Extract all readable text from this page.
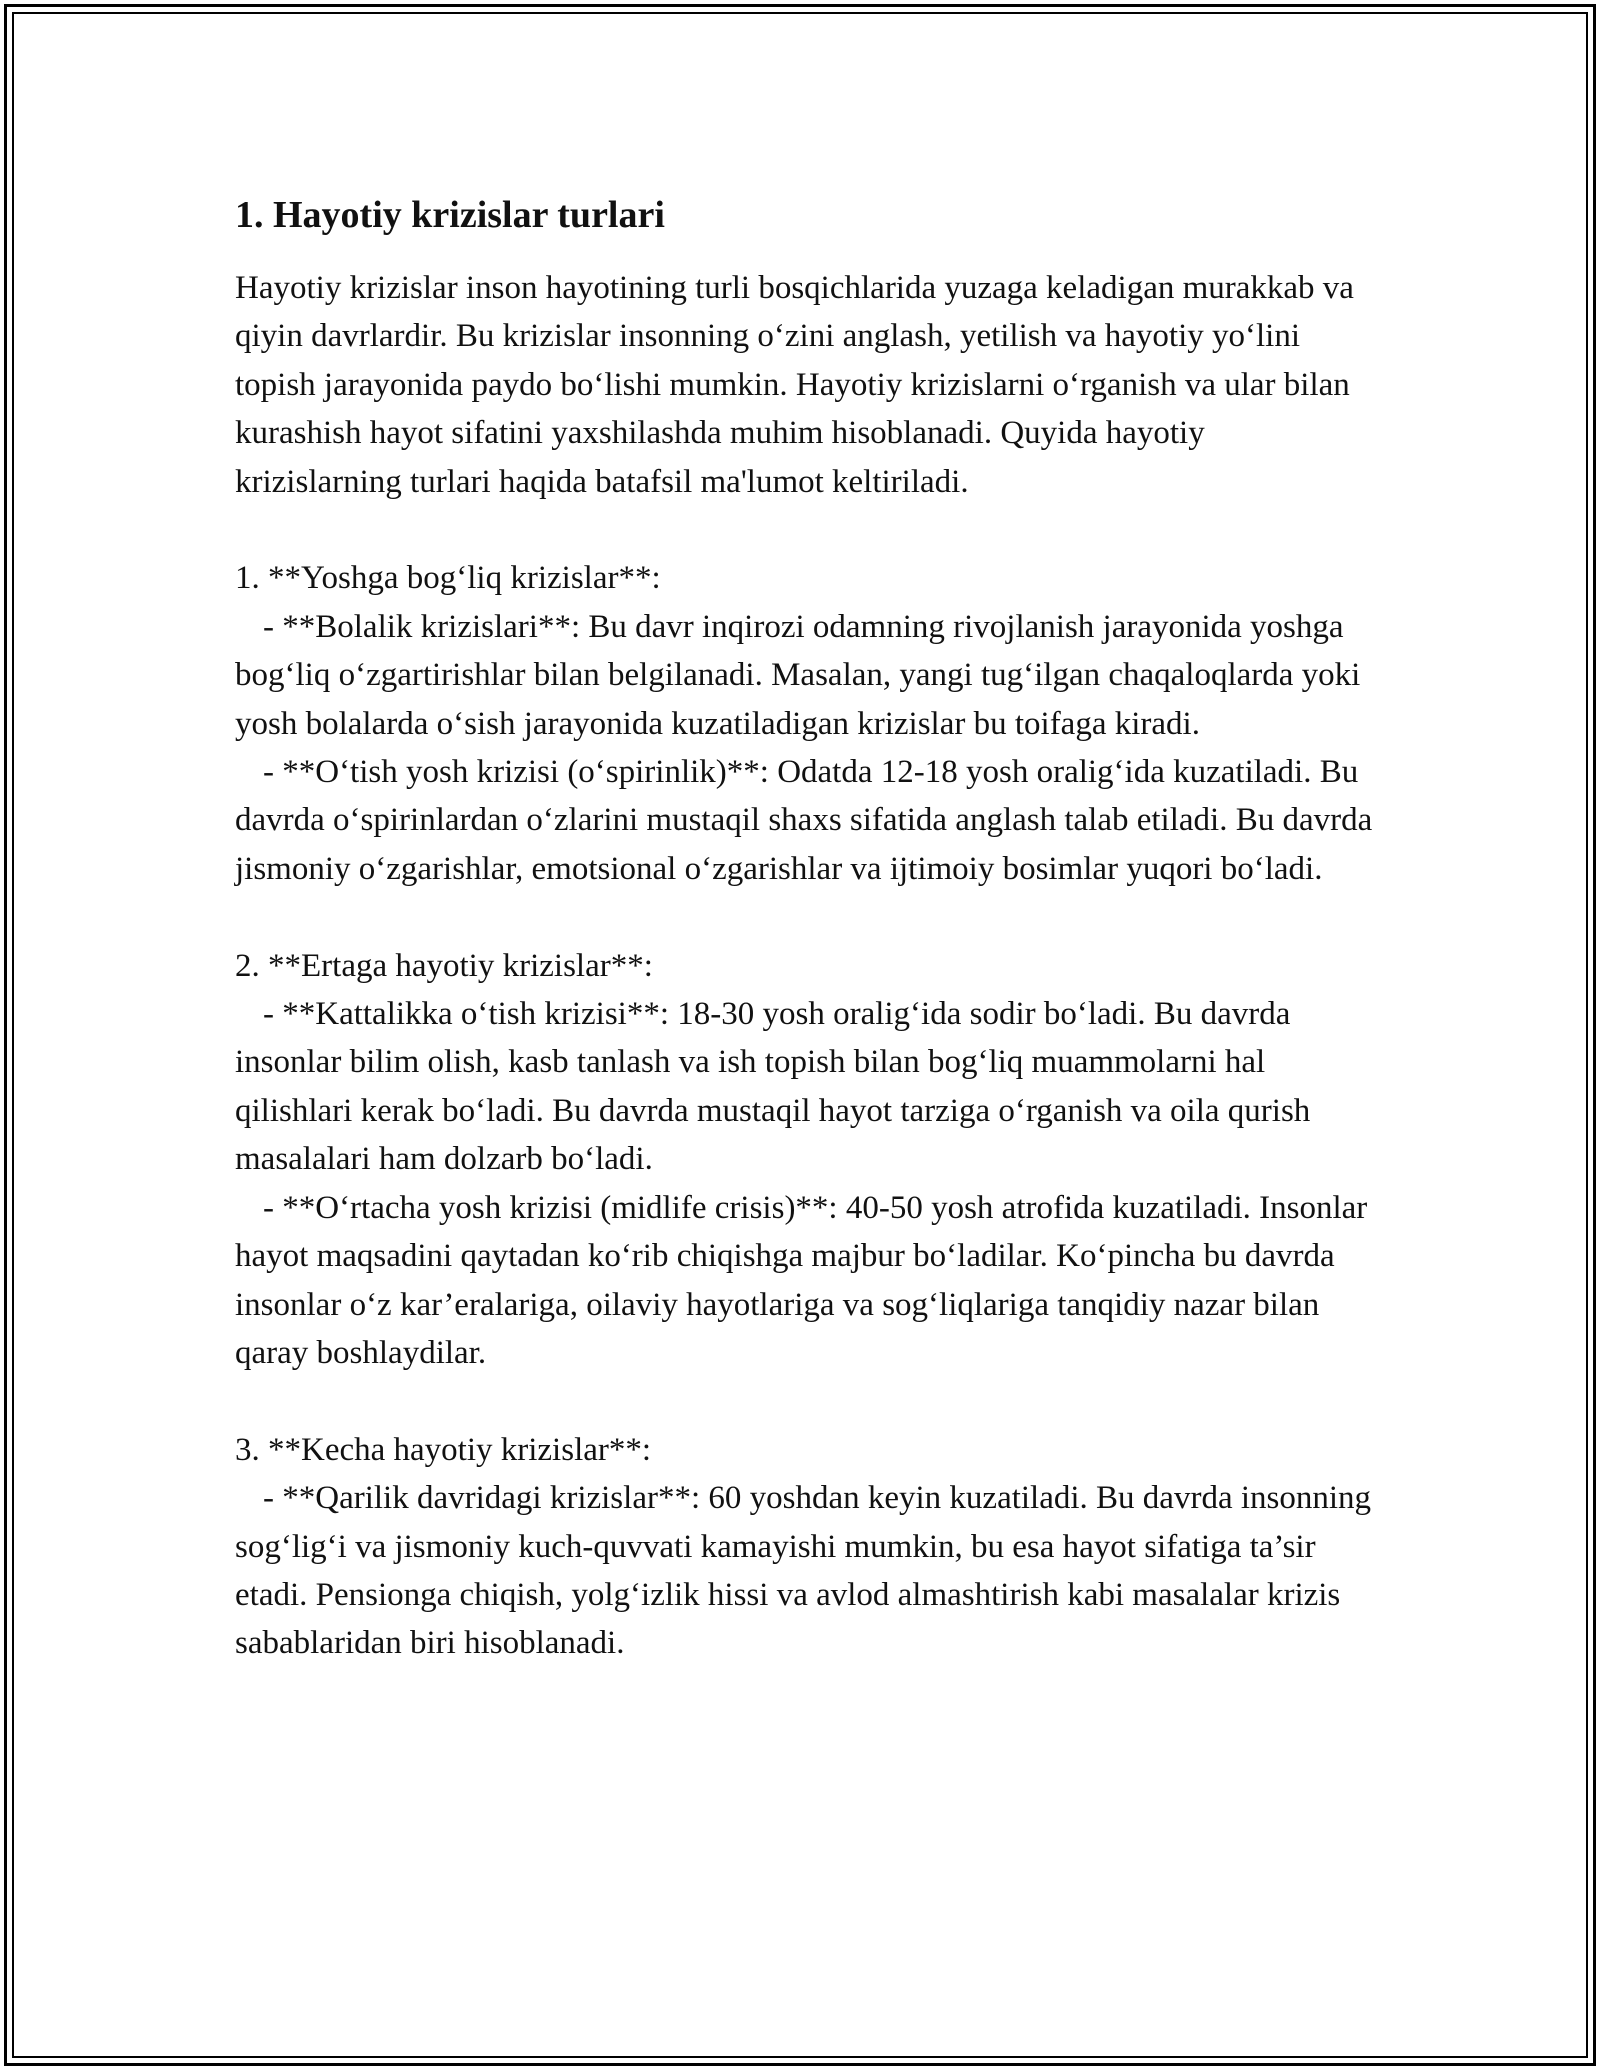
1. Hayotiy krizislar turlari

Hayotiy krizislar inson hayotining turli bosqichlarida yuzaga keladigan murakkab va qiyin davrlardir. Bu krizislar insonning o‘zini anglash, yetilish va hayotiy yo‘lini topish jarayonida paydo bo‘lishi mumkin. Hayotiy krizislarni o‘rganish va ular bilan kurashish hayot sifatini yaxshilashda muhim hisoblanadi. Quyida hayotiy krizislarning turlari haqida batafsil ma'lumot keltiriladi.

1. **Yoshga bog‘liq krizislar**:

- **Bolalik krizislari**: Bu davr inqirozi odamning rivojlanish jarayonida yoshga bog‘liq o‘zgartirishlar bilan belgilanadi. Masalan, yangi tug‘ilgan chaqaloqlarda yoki yosh bolalarda o‘sish jarayonida kuzatiladigan krizislar bu toifaga kiradi.

- **O‘tish yosh krizisi (o‘spirinlik)**: Odatda 12-18 yosh oralig‘ida kuzatiladi. Bu davrda o‘spirinlardan o‘zlarini mustaqil shaxs sifatida anglash talab etiladi. Bu davrda jismoniy o‘zgarishlar, emotsional o‘zgarishlar va ijtimoiy bosimlar yuqori bo‘ladi.

2. **Ertaga hayotiy krizislar**:

- **Kattalikka o‘tish krizisi**: 18-30 yosh oralig‘ida sodir bo‘ladi. Bu davrda insonlar bilim olish, kasb tanlash va ish topish bilan bog‘liq muammolarni hal qilishlari kerak bo‘ladi. Bu davrda mustaqil hayot tarziga o‘rganish va oila qurish masalalari ham dolzarb bo‘ladi.

- **O‘rtacha yosh krizisi (midlife crisis)**: 40-50 yosh atrofida kuzatiladi. Insonlar hayot maqsadini qaytadan ko‘rib chiqishga majbur bo‘ladilar. Ko‘pincha bu davrda insonlar o‘z kar’eralariga, oilaviy hayotlariga va sog‘liqlariga tanqidiy nazar bilan qaray boshlaydilar.

3. **Kecha hayotiy krizislar**:

- **Qarilik davridagi krizislar**: 60 yoshdan keyin kuzatiladi. Bu davrda insonning sog‘lig‘i va jismoniy kuch-quvvati kamayishi mumkin, bu esa hayot sifatiga ta’sir etadi. Pensionga chiqish, yolg‘izlik hissi va avlod almashtirish kabi masalalar krizis sabablaridan biri hisoblanadi.
